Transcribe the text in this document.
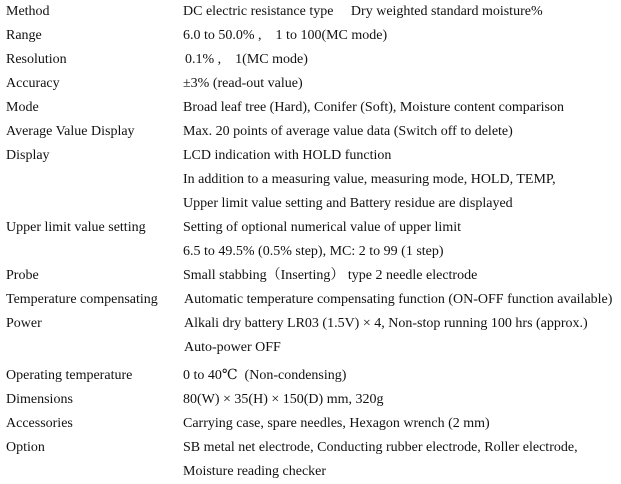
Method	DC electric resistance type     Dry weighted standard moisture%
Range	6.0 to 50.0% ,    1 to 100(MC mode)
Resolution	0.1% ,    1(MC mode)
Accuracy	±3% (read-out value)
Mode	Broad leaf tree (Hard), Conifer (Soft), Moisture content comparison
Average Value Display	Max. 20 points of average value data (Switch off to delete)
Display	LCD indication with HOLD function
In addition to a measuring value, measuring mode, HOLD, TEMP,
Upper limit value setting and Battery residue are displayed
Upper limit value setting	Setting of optional numerical value of upper limit
6.5 to 49.5% (0.5% step), MC: 2 to 99 (1 step)
Probe	Small stabbing（Inserting） type 2 needle electrode
Temperature compensating	Automatic temperature compensating function (ON-OFF function available)
Power	Alkali dry battery LR03 (1.5V) × 4, Non-stop running 100 hrs (approx.)
Auto-power OFF
Operating temperature	0 to 40℃  (Non-condensing)
Dimensions	80(W) × 35(H) × 150(D) mm, 320g
Accessories	Carrying case, spare needles, Hexagon wrench (2 mm)
Option	SB metal net electrode, Conducting rubber electrode, Roller electrode,
Moisture reading checker
